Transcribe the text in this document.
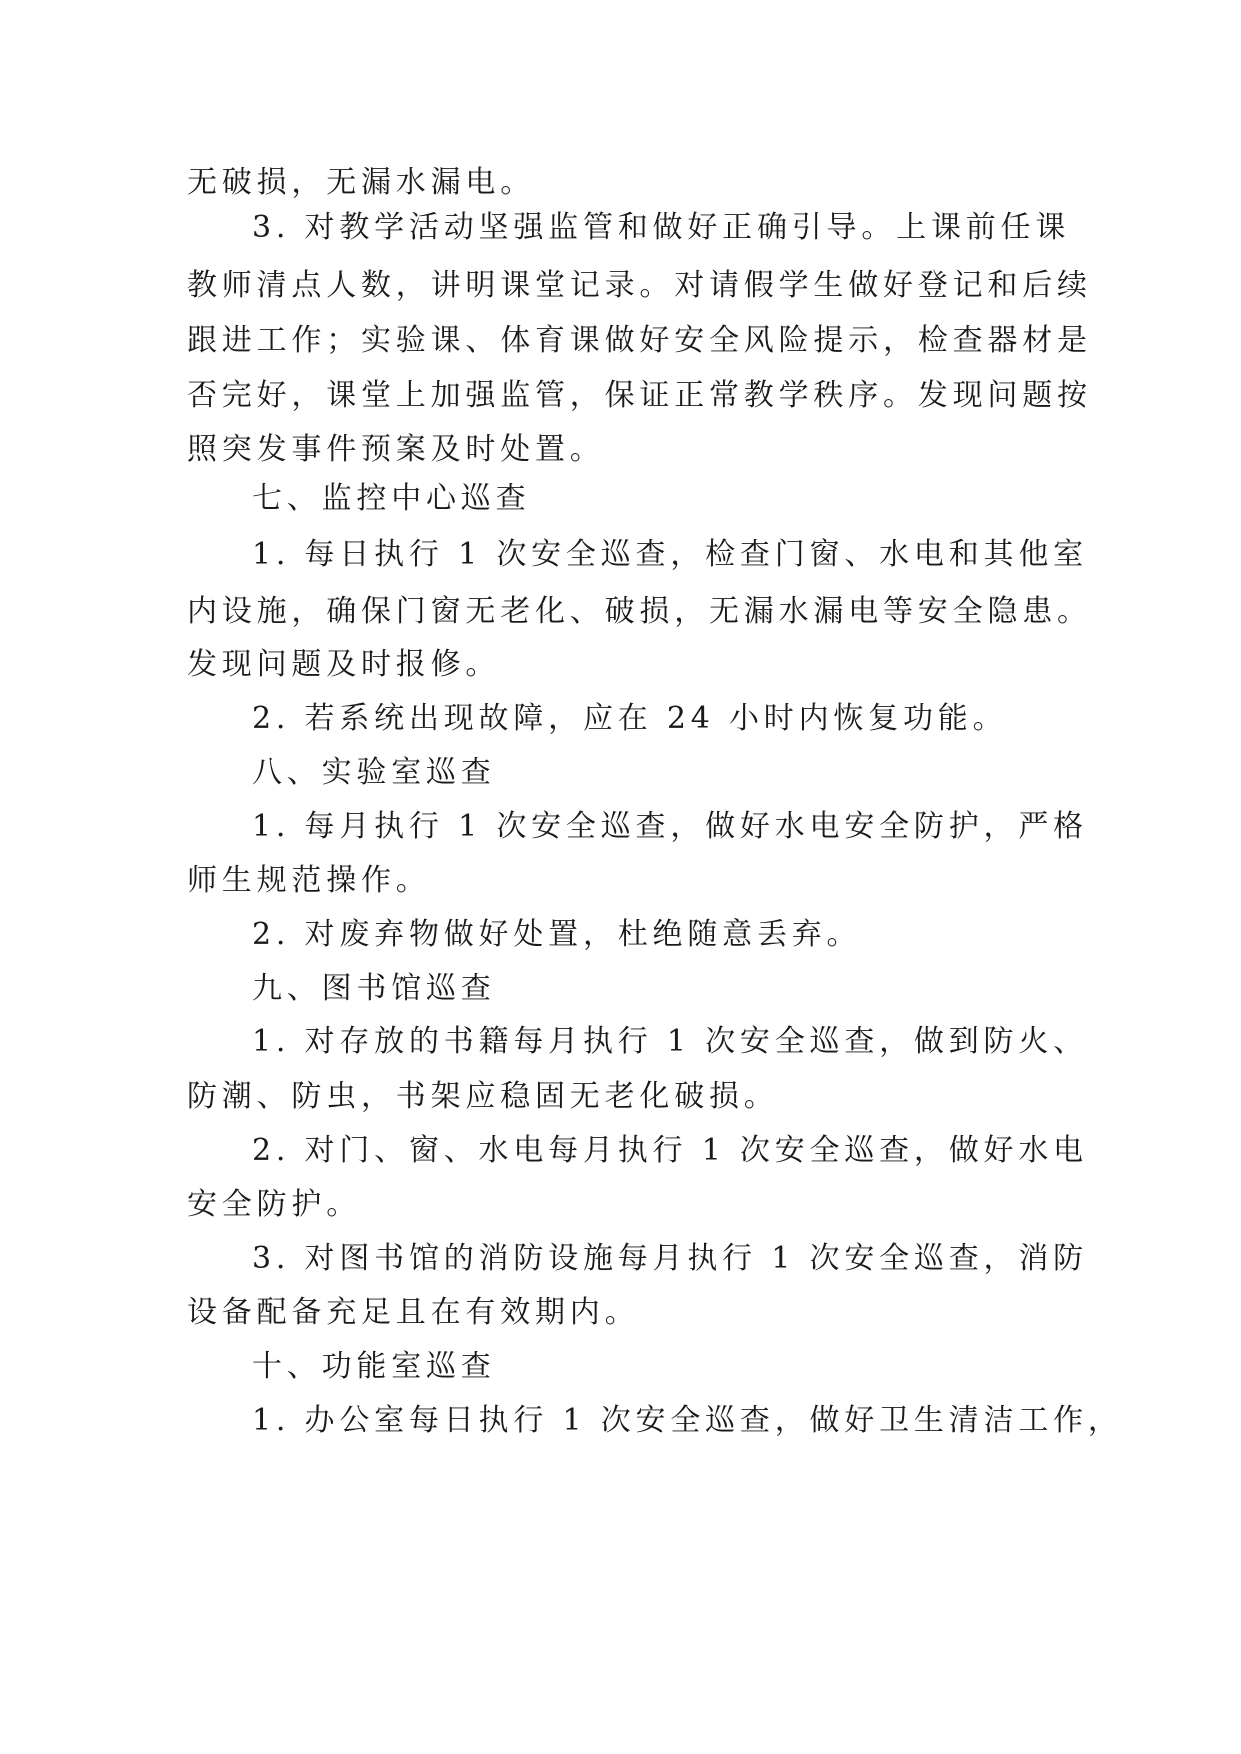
无破损，无漏水漏电。
3. 对教学活动坚强监管和做好正确引导。上课前任课
教师清点人数，讲明课堂记录。对请假学生做好登记和后续
跟进工作；实验课、体育课做好安全风险提示，检查器材是
否完好，课堂上加强监管，保证正常教学秩序。发现问题按
照突发事件预案及时处置。
七、监控中心巡查
1. 每日执行 1 次安全巡查，检查门窗、水电和其他室
内设施，确保门窗无老化、破损，无漏水漏电等安全隐患。
发现问题及时报修。
2. 若系统出现故障，应在 24 小时内恢复功能。
八、实验室巡查
1. 每月执行 1 次安全巡查，做好水电安全防护，严格
师生规范操作。
2. 对废弃物做好处置，杜绝随意丢弃。
九、图书馆巡查
1. 对存放的书籍每月执行 1 次安全巡查，做到防火、
防潮、防虫，书架应稳固无老化破损。
2. 对门、窗、水电每月执行 1 次安全巡查，做好水电
安全防护。
3. 对图书馆的消防设施每月执行 1 次安全巡查，消防
设备配备充足且在有效期内。
十、功能室巡查
1. 办公室每日执行 1 次安全巡查，做好卫生清洁工作，
